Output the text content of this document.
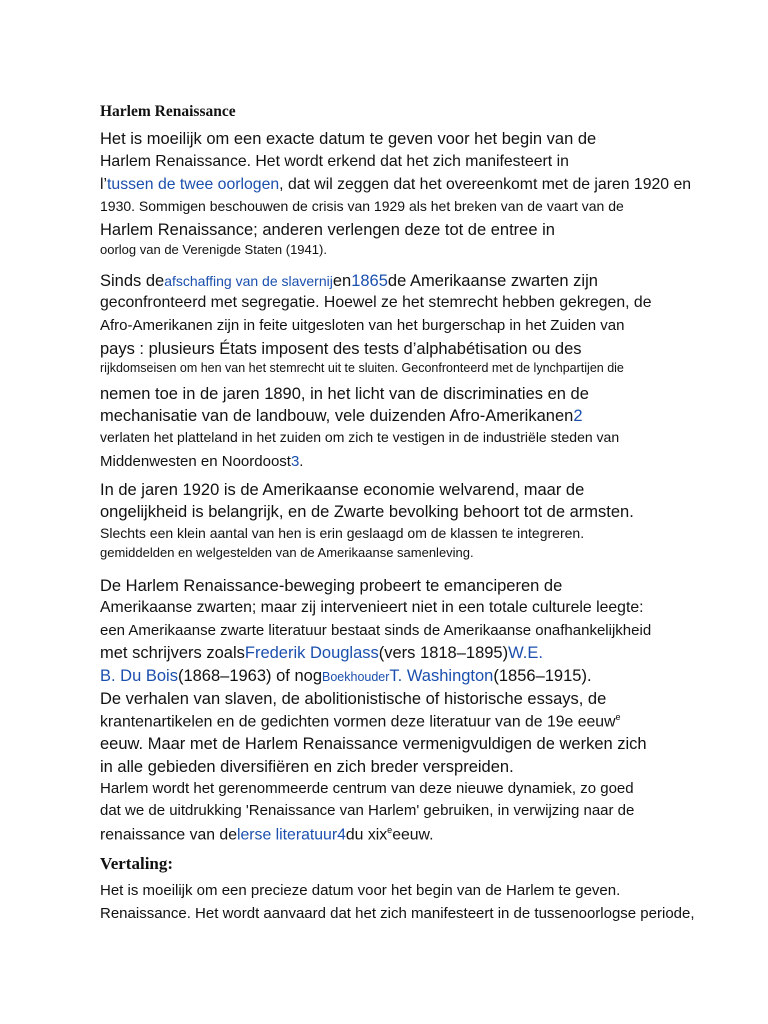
Harlem Renaissance
Het is moeilijk om een exacte datum te geven voor het begin van de
Harlem Renaissance. Het wordt erkend dat het zich manifesteert in
l’tussen de twee oorlogen, dat wil zeggen dat het overeenkomt met de jaren 1920 en
1930. Sommigen beschouwen de crisis van 1929 als het breken van de vaart van de
Harlem Renaissance; anderen verlengen deze tot de entree in
oorlog van de Verenigde Staten (1941).
Sinds deafschaffing van de slavernijen1865de Amerikaanse zwarten zijn
geconfronteerd met segregatie. Hoewel ze het stemrecht hebben gekregen, de
Afro-Amerikanen zijn in feite uitgesloten van het burgerschap in het Zuiden van
pays : plusieurs États imposent des tests d’alphabétisation ou des
rijkdomseisen om hen van het stemrecht uit te sluiten. Geconfronteerd met de lynchpartijen die
nemen toe in de jaren 1890, in het licht van de discriminaties en de
mechanisatie van de landbouw, vele duizenden Afro-Amerikanen2
verlaten het platteland in het zuiden om zich te vestigen in de industriële steden van
Middenwesten en Noordoost3.
In de jaren 1920 is de Amerikaanse economie welvarend, maar de
ongelijkheid is belangrijk, en de Zwarte bevolking behoort tot de armsten.
Slechts een klein aantal van hen is erin geslaagd om de klassen te integreren.
gemiddelden en welgestelden van de Amerikaanse samenleving.
De Harlem Renaissance-beweging probeert te emanciperen de
Amerikaanse zwarten; maar zij intervenieert niet in een totale culturele leegte:
een Amerikaanse zwarte literatuur bestaat sinds de Amerikaanse onafhankelijkheid
met schrijvers zoalsFrederik Douglass(vers 1818–1895)W.E.
B. Du Bois(1868–1963) of nogBoekhouderT. Washington(1856–1915).
De verhalen van slaven, de abolitionistische of historische essays, de
krantenartikelen en de gedichten vormen deze literatuur van de 19e eeuw$^e$
eeuw. Maar met de Harlem Renaissance vermenigvuldigen de werken zich
in alle gebieden diversifiëren en zich breder verspreiden.
Harlem wordt het gerenommeerde centrum van deze nieuwe dynamiek, zo goed
dat we de uitdrukking 'Renaissance van Harlem' gebruiken, in verwijzing naar de
renaissance van delerse literatuur4du xix$^e$eeuw.
Vertaling:
Het is moeilijk om een precieze datum voor het begin van de Harlem te geven.
Renaissance. Het wordt aanvaard dat het zich manifesteert in de tussenoorlogse periode,
